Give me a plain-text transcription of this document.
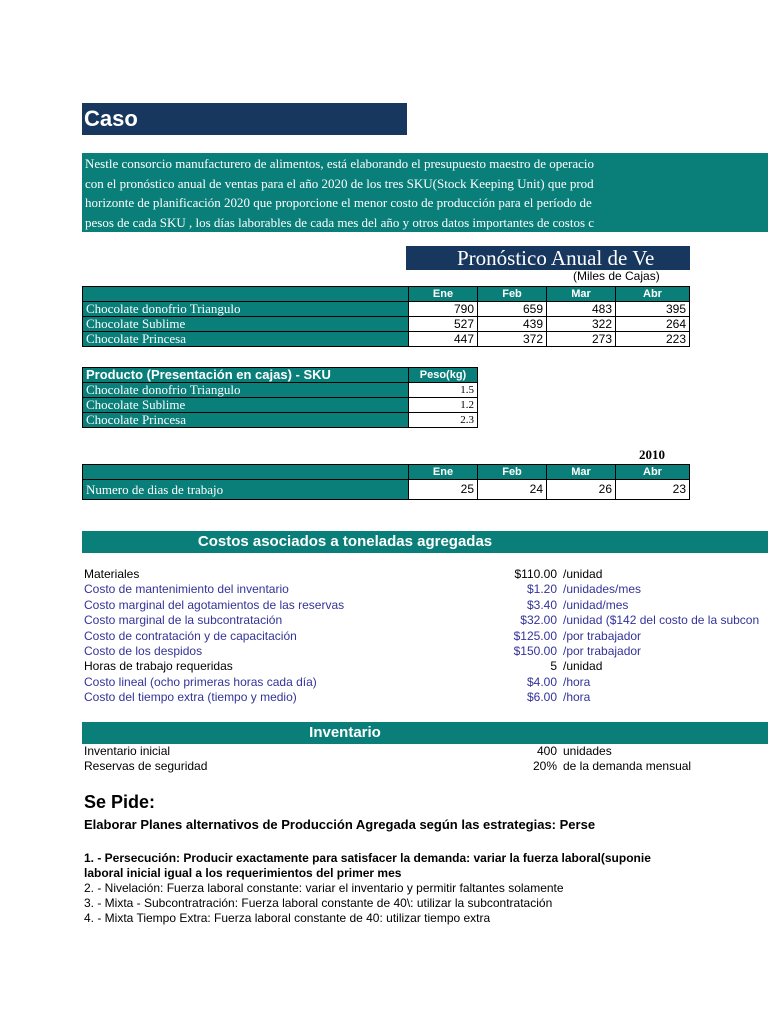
Caso
Nestle consorcio manufacturero de alimentos, está elaborando el presupuesto maestro de operacio
con el pronóstico anual de ventas para el año 2020 de los tres SKU(Stock Keeping Unit) que prod
horizonte de planificación 2020 que proporcione el menor costo de producción para el período de
pesos de cada SKU , los días laborables de cada mes del año y otros datos importantes de costos c
Pronóstico Anual de Ve
(Miles de Cajas)
	Ene	Feb	Mar	Abr
Chocolate donofrio Triangulo	790	659	483	395
Chocolate Sublime	527	439	322	264
Chocolate Princesa	447	372	273	223
Producto (Presentación en cajas) - SKU	Peso(kg)
Chocolate donofrio Triangulo	1.5
Chocolate Sublime	1.2
Chocolate Princesa	2.3
2010
	Ene	Feb	Mar	Abr
Numero de dias de trabajo	25	24	26	23
Costos asociados a toneladas agregadas
Materiales	$110.00 /unidad
Costo de mantenimiento del inventario	$1.20 /unidades/mes
Costo marginal del agotamientos de las reservas	$3.40 /unidad/mes
Costo marginal de la subcontratación	$32.00 /unidad ($142 del costo de la subcon
Costo de contratación y de capacitación	$125.00 /por trabajador
Costo de los despidos	$150.00 /por trabajador
Horas de trabajo requeridas	5 /unidad
Costo lineal (ocho primeras horas cada día)	$4.00 /hora
Costo del tiempo extra (tiempo y medio)	$6.00 /hora
Inventario
Inventario inicial	400 unidades
Reservas de seguridad	20% de la demanda mensual
Se Pide:
Elaborar Planes alternativos de Producción Agregada según las estrategias: Perse
1. - Persecución: Producir exactamente para satisfacer la demanda: variar la fuerza laboral(suponie
laboral inicial igual a los requerimientos del primer mes
2. - Nivelación: Fuerza laboral constante: variar el inventario y permitir faltantes solamente
3. - Mixta - Subcontratración: Fuerza laboral constante de 40\: utilizar la subcontratación
4. - Mixta Tiempo Extra: Fuerza laboral constante de 40: utilizar tiempo extra
